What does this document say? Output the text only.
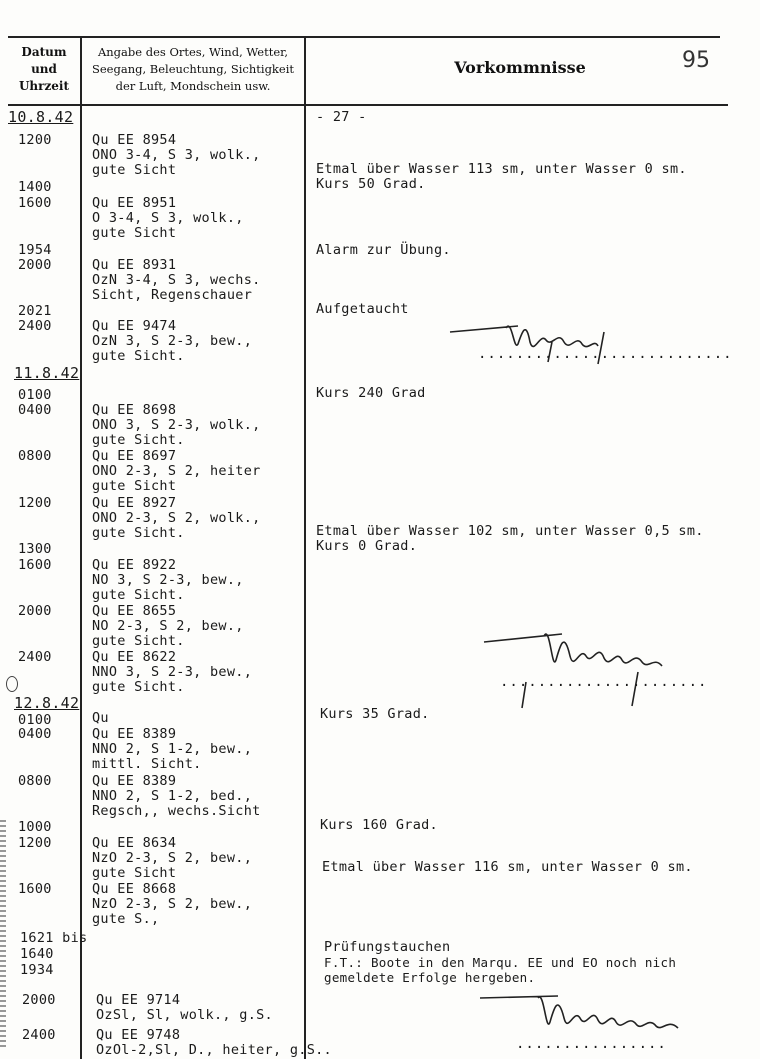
Datum
und
Uhrzeit
Angabe des Ortes, Wind, Wetter,
Seegang, Beleuchtung, Sichtigkeit
der Luft, Mondschein usw.
Vorkommnisse	95
10.8.42
1200
1400
1600
1954
2000
2021
2400
11.8.42
0100
0400
0800
1200
1300
1600
2000
2400
12.8.42
0100
0400
0800
1000
1200
1600
1621 bis
1640
1934
2000
2400
Qu EE 8954
ONO 3-4, S 3, wolk.,
gute Sicht
Qu EE 8951
O 3-4, S 3, wolk.,
gute Sicht
Qu EE 8931
OzN 3-4, S 3, wechs.
Sicht, Regenschauer
Qu EE 9474
OzN 3, S 2-3, bew.,
gute Sicht.
Qu EE 8698
ONO 3, S 2-3, wolk.,
gute Sicht.
Qu EE 8697
ONO 2-3, S 2, heiter
gute Sicht
Qu EE 8927
ONO 2-3, S 2, wolk.,
gute Sicht.
Qu EE 8922
NO 3, S 2-3, bew.,
gute Sicht.
Qu EE 8655
NO 2-3, S 2, bew.,
gute Sicht.
Qu EE 8622
NNO 3, S 2-3, bew.,
gute Sicht.
Qu
Qu EE 8389
NNO 2, S 1-2, bew.,
mittl. Sicht.
Qu EE 8389
NNO 2, S 1-2, bed.,
Regsch,, wechs.Sicht
Qu EE 8634
NzO 2-3, S 2, bew.,
gute Sicht
Qu EE 8668
NzO 2-3, S 2, bew.,
gute S.,
Qu EE 9714
OzSl, Sl, wolk., g.S.
Qu EE 9748
OzOl-2,Sl, D., heiter, g.S..
- 27 -
Etmal über Wasser 113 sm, unter Wasser 0 sm.
Kurs 50 Grad.
Alarm zur Übung.
Aufgetaucht
Kurs 240 Grad
Etmal über Wasser 102 sm, unter Wasser 0,5 sm.
Kurs 0 Grad.
Kurs 35 Grad.
Kurs 160 Grad.
Etmal über Wasser 116 sm, unter Wasser 0 sm.
Prüfungstauchen
F.T.: Boote in den Marqu. EE und EO noch nich
gemeldete Erfolge hergeben.
...........................
......................
................
